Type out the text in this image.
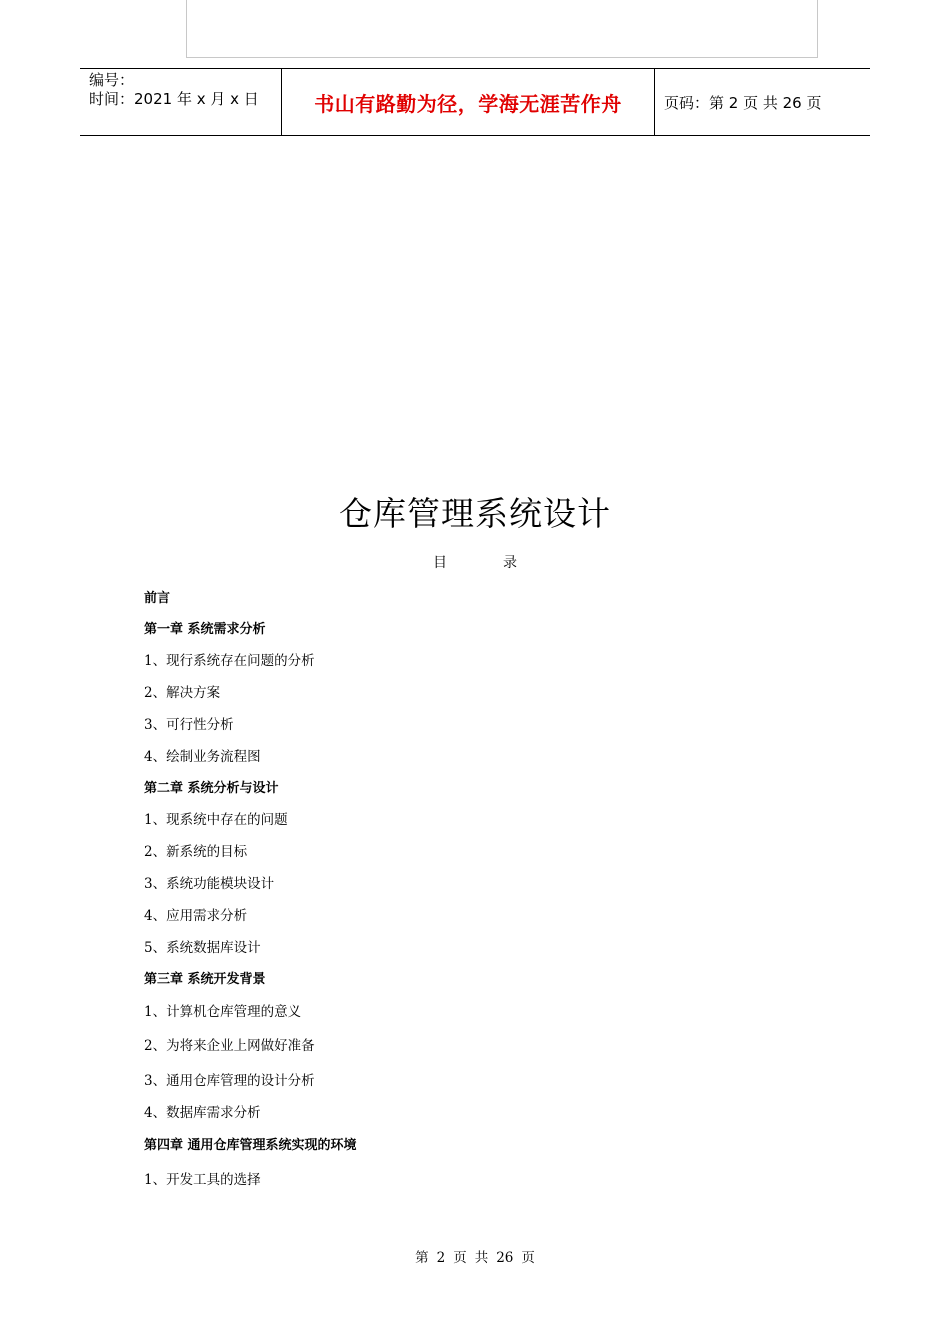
编号：
时间：2021 年 x 月 x 日	书山有路勤为径，学海无涯苦作舟	页码：第 2 页 共 26 页
仓库管理系统设计
目	录
前言
第一章 系统需求分析
1、现行系统存在问题的分析
2、解决方案
3、可行性分析
4、绘制业务流程图
第二章 系统分析与设计
1、现系统中存在的问题
2、新系统的目标
3、系统功能模块设计
4、应用需求分析
5、系统数据库设计
第三章 系统开发背景
1、计算机仓库管理的意义
2、为将来企业上网做好准备
3、通用仓库管理的设计分析
4、数据库需求分析
第四章 通用仓库管理系统实现的环境
1、开发工具的选择
第 2 页 共 26 页
